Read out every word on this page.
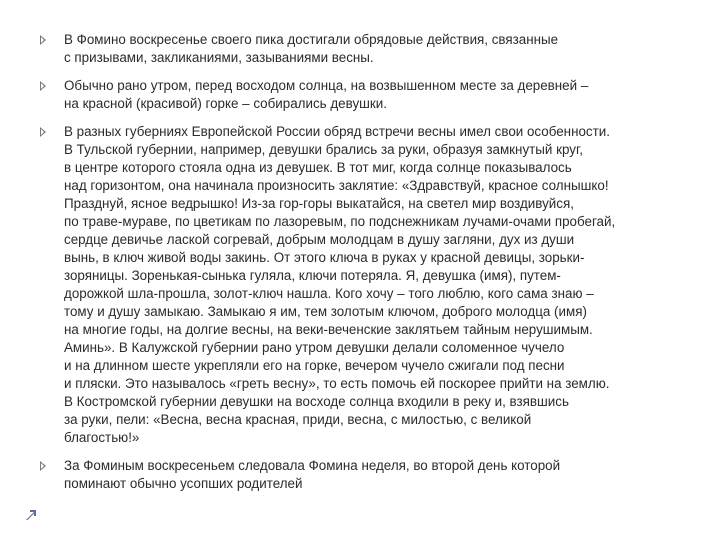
В Фомино воскресенье своего пика достигали обрядовые действия, связанные
с призывами, закликаниями, зазываниями весны.
Обычно рано утром, перед восходом солнца, на возвышенном месте за деревней –
на красной (красивой) горке – собирались девушки.
В разных губерниях Европейской России обряд встречи весны имел свои особенности.
В Тульской губернии, например, девушки брались за руки, образуя замкнутый круг,
в центре которого стояла одна из девушек. В тот миг, когда солнце показывалось
над горизонтом, она начинала произносить заклятие: «Здравствуй, красное солнышко!
Празднуй, ясное ведрышко! Из-за гор-горы выкатайся, на светел мир воздивуйся,
по траве-мураве, по цветикам по лазоревым, по подснежникам лучами-очами пробегай,
сердце девичье лаской согревай, добрым молодцам в душу загляни, дух из души
вынь, в ключ живой воды закинь. От этого ключа в руках у красной девицы, зорьки-
зоряницы. Зоренькая-сынька гуляла, ключи потеряла. Я, девушка (имя), путем-
дорожкой шла-прошла, золот-ключ нашла. Кого хочу – того люблю, кого сама знаю –
тому и душу замыкаю. Замыкаю я им, тем золотым ключом, доброго молодца (имя)
на многие годы, на долгие весны, на веки-вечeнские заклятьем тайным нерушимым.
Аминь». В Калужской губернии рано утром девушки делали соломенное чучело
и на длинном шесте укрепляли его на горке, вечером чучело сжигали под песни
и пляски. Это называлось «греть весну», то есть помочь ей поскорее прийти на землю.
В Костромской губернии девушки на восходе солнца входили в реку и, взявшись
за руки, пели: «Весна, весна красная, приди, весна, с милостью, с великой
благостью!»
За Фоминым воскресеньем следовала Фомина неделя, во второй день которой
поминают обычно усопших родителей
